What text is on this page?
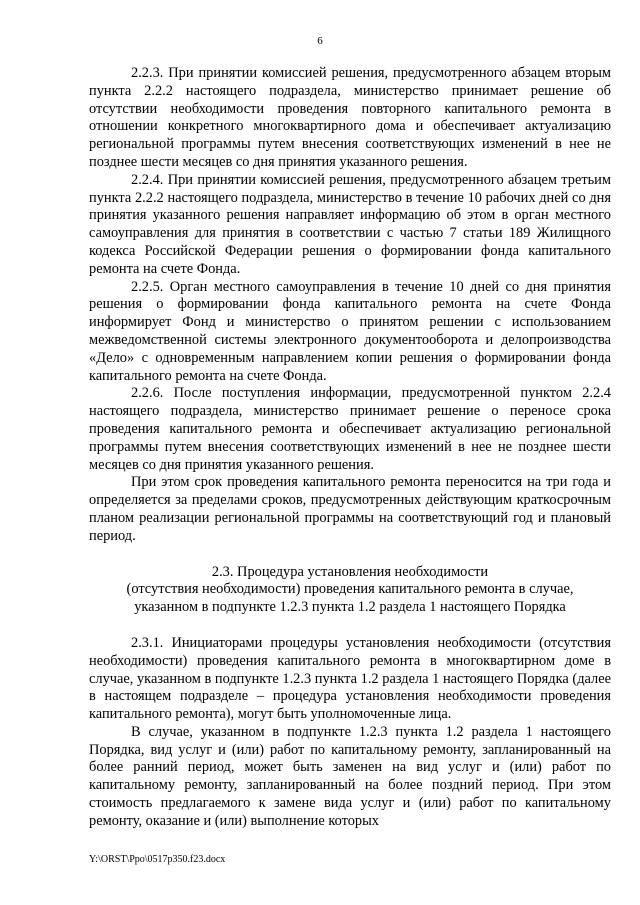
6

2.2.3. При принятии комиссией решения, предусмотренного абзацем вторым пункта 2.2.2 настоящего подраздела, министерство принимает решение об отсутствии необходимости проведения повторного капитального ремонта в отношении конкретного многоквартирного дома и обеспечивает актуализацию региональной программы путем внесения соответствующих изменений в нее не позднее шести месяцев со дня принятия указанного решения.

2.2.4. При принятии комиссией решения, предусмотренного абзацем третьим пункта 2.2.2 настоящего подраздела, министерство в течение 10 рабочих дней со дня принятия указанного решения направляет информацию об этом в орган местного самоуправления для принятия в соответствии с частью 7 статьи 189 Жилищного кодекса Российской Федерации решения о формировании фонда капитального ремонта на счете Фонда.

2.2.5. Орган местного самоуправления в течение 10 дней со дня принятия решения о формировании фонда капитального ремонта на счете Фонда информирует Фонд и министерство о принятом решении с использованием межведомственной системы электронного документооборота и делопроизводства «Дело» с одновременным направлением копии решения о формировании фонда капитального ремонта на счете Фонда.

2.2.6. После поступления информации, предусмотренной пунктом 2.2.4 настоящего подраздела, министерство принимает решение о переносе срока проведения капитального ремонта и обеспечивает актуализацию региональной программы путем внесения соответствующих изменений в нее не позднее шести месяцев со дня принятия указанного решения.

При этом срок проведения капитального ремонта переносится на три года и определяется за пределами сроков, предусмотренных действующим краткосрочным планом реализации региональной программы на соответствующий год и плановый период.

2.3. Процедура установления необходимости
(отсутствия необходимости) проведения капитального ремонта в случае,
указанном в подпункте 1.2.3 пункта 1.2 раздела 1 настоящего Порядка

2.3.1. Инициаторами процедуры установления необходимости (отсутствия необходимости) проведения капитального ремонта в многоквартирном доме в случае, указанном в подпункте 1.2.3 пункта 1.2 раздела 1 настоящего Порядка (далее в настоящем подразделе – процедура установления необходимости проведения капитального ремонта), могут быть уполномоченные лица.

В случае, указанном в подпункте 1.2.3 пункта 1.2 раздела 1 настоящего Порядка, вид услуг и (или) работ по капитальному ремонту, запланированный на более ранний период, может быть заменен на вид услуг и (или) работ по капитальному ремонту, запланированный на более поздний период. При этом стоимость предлагаемого к замене вида услуг и (или) работ по капитальному ремонту, оказание и (или) выполнение которых

Y:\ORST\Ppo\0517p350.f23.docx
